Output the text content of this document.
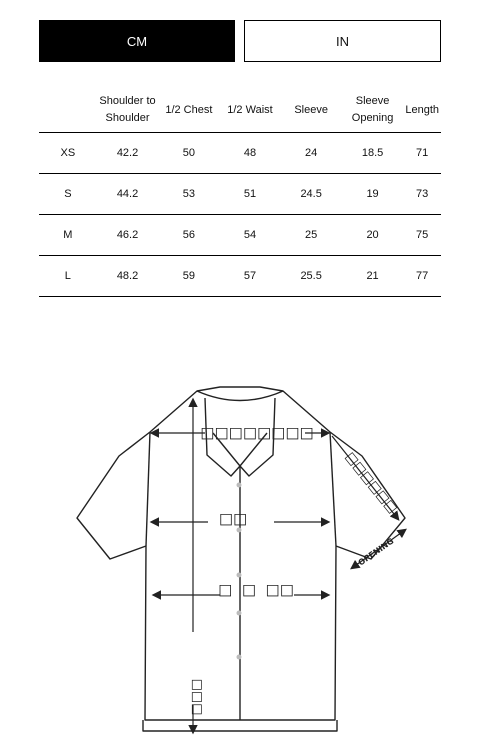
CM	IN
	Shoulder to Shoulder	1/2 Chest	1/2 Waist	Sleeve	Sleeve Opening	Length
XS	42.2	50	48	24	18.5	71
S	44.2	53	51	24.5	19	73
M	46.2	56	54	25	20	75
L	48.2	59	57	25.5	21	77
□□□□□□□□
□□
□  □  □□
□□□
□□□□□□
OPENING
